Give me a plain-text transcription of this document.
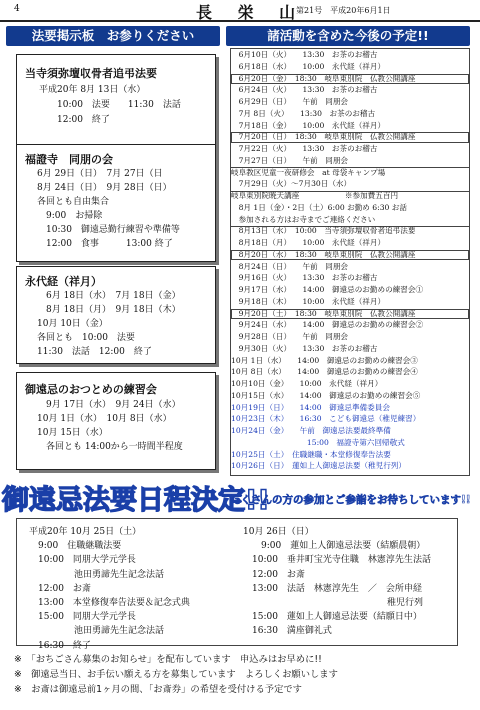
4	長 栄 山
第21号　平成20年6月1日
法要掲示板　お参りください
当寺須弥壇収骨者追弔法要
平成20年 8月 13日（水）
　　10:00　法要　　11:30　法話
　　12:00　終了
福證寺　同朋の会
6月 29日（日）　7月 27日（日
8月 24日（日）　9月 28日（日）
各回とも自由集合
　9:00　お掃除
　10:30　御遠忌勤行練習や準備等
　12:00　食事　　　13:00 終了
永代経（祥月）
　6月 18日（水）　7月 18日（金）
　8月 18日（月）　9月 18日（木）
10月 10日（金）
各回とも　10:00　法要
11:30　法話　12:00　終了
御遠忌のおつとめの練習会
　9月 17日（水）　9月 24日（水）
10月 1日（水）　10月 8日（水）
10月 15日（水）
　各回とも 14:00から一時間半程度
諸活動を含めた今後の予定!!
　6月10日（火）　　13:30　お茶のお稽古
　6月18日（水）　　10:00　永代経（祥月）
　6月20日（金）　18:30　岐阜東別院　仏教公開講座
　6月24日（火）　　13:30　お茶のお稽古
　6月29日（日）　　午前　同朋会
　7月 8日（火）　　13:30　お茶のお稽古
　7月18日（金）　　10:00　永代経（祥月）
　7月20日（日）　18:30　岐阜東別院　仏教公開講座
　7月22日（火）　　13:30　お茶のお稽古
　7月27日（日）　　午前　同朋会
岐阜教区児童一夜研修会　at 母袋キャンプ場
　7月29日（火）〜7月30日（水）
岐阜東別院暁天講座　　　　　　※参加費五百円
　8月 1日（金）・2日（土）6:00 お勤め 6:30 お話
　参加される方はお寺までご連絡ください
　8月13日（水）　10:00　当寺須弥壇収骨者追弔法要
　8月18日（月）　　10:00　永代経（祥月）
　8月20日（水）　18:30　岐阜東別院　仏教公開講座
　8月24日（日）　　午前　同朋会
　9月16日（火）　　13:30　お茶のお稽古
　9月17日（水）　　14:00　御遠忌のお勤めの練習会①
　9月18日（木）　　10:00　永代経（祥月）
　9月20日（土）　18:30　岐阜東別院　仏教公開講座
　9月24日（水）　　14:00　御遠忌のお勤めの練習会②
　9月28日（日）　　午前　同朋会
　9月30日（火）　　13:30　お茶のお稽古
10月 1日（水）　　14:00　御遠忌のお勤めの練習会③
10月 8日（水）　　14:00　御遠忌のお勤めの練習会④
10月10日（金）　　10:00　永代経（祥月）
10月15日（水）　　14:00　御遠忌のお勤めの練習会⑤
10月19日（日）　　14:00　御遠忌準備委員会
10月23日（木）　　16:30　こども御遠忌（稚児練習）
10月24日（金）　　午前　御遠忌法要最終準備
　　　　　　　　　　15:00　福證寺第六回帰敬式
10月25日（土）　住職継職・本堂修復奉告法要
10月26日（日）　蓮如上人御遠忌法要（稚児行列）
御遠忌法要日程決定!!
たくさんの方の参加とご参詣をお待ちしています!!
平成20年 10月 25日（土）
　9:00　住職継職法要
　10:00　同朋大学元学長
　　　　　池田勇諦先生記念法話
　12:00　お斎
　13:00　本堂修復奉告法要＆記念式典
　15:00　同朋大学元学長
　　　　　池田勇諦先生記念法話
　16:30　終了
10月 26日（日）
　　9:00　蓮如上人御遠忌法要（結願晨朝）
　10:00　垂井町宝光寺住職　林憲淳先生法話
　12:00　お斎
　13:00　法話　林憲淳先生　／　会所申経
　　　　　　　　　　　　　　　　稚児行列
　15:00　蓮如上人御遠忌法要（結願日中）
　16:30　満座御礼式
※　「おちごさん募集のお知らせ」を配布しています　申込みはお早めに!!
※　御遠忌当日、お手伝い願える方を募集しています　よろしくお願いします
※　お斎は御遠忌前1ヶ月の間、「お斎券」の希望を受付ける予定です
